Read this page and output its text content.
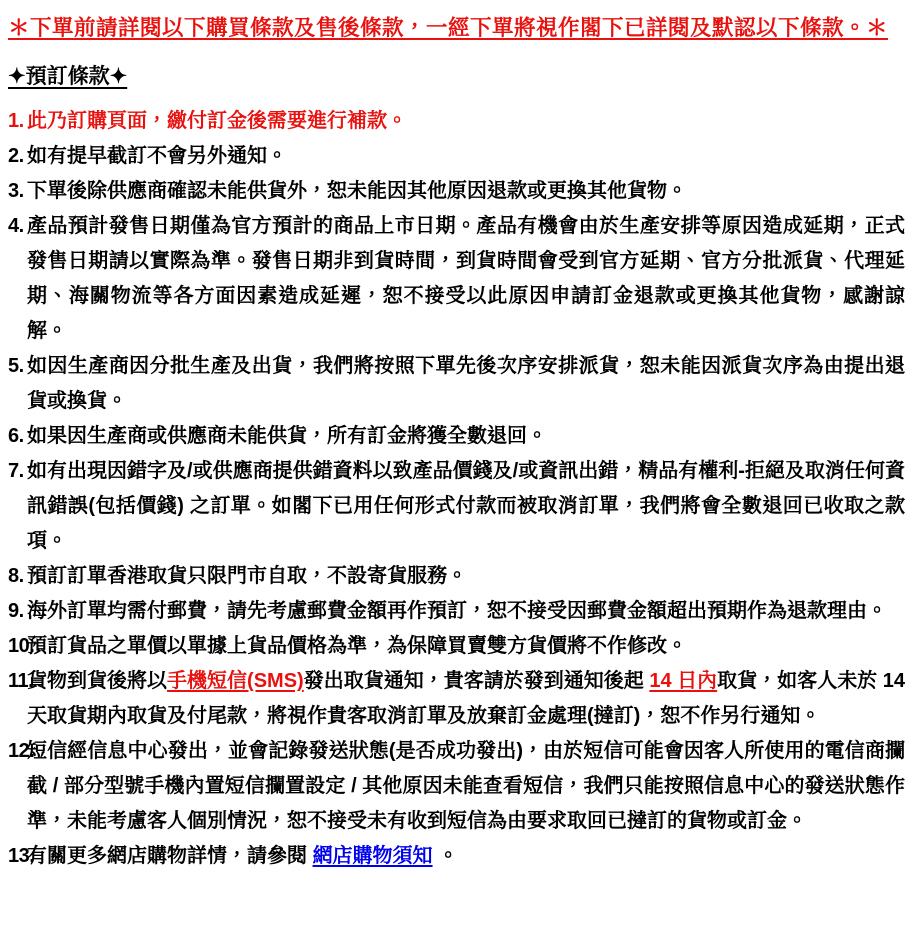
＊下單前請詳閱以下購買條款及售後條款，一經下單將視作閣下已詳閱及默認以下條款。＊

✦預訂條款✦
1. 此乃訂購頁面，繳付訂金後需要進行補款。
2. 如有提早截訂不會另外通知。
3. 下單後除供應商確認未能供貨外，恕未能因其他原因退款或更換其他貨物。
4. 產品預計發售日期僅為官方預計的商品上市日期。產品有機會由於生產安排等原因造成延期，正式發售日期請以實際為準。發售日期非到貨時間，到貨時間會受到官方延期、官方分批派貨、代理延期、海關物流等各方面因素造成延遲，恕不接受以此原因申請訂金退款或更換其他貨物，感謝諒解。
5. 如因生產商因分批生產及出貨，我們將按照下單先後次序安排派貨，恕未能因派貨次序為由提出退貨或換貨。
6. 如果因生產商或供應商未能供貨，所有訂金將獲全數退回。
7. 如有出現因錯字及/或供應商提供錯資料以致產品價錢及/或資訊出錯，精品有權利-拒絕及取消任何資訊錯誤(包括價錢) 之訂單。如閣下已用任何形式付款而被取消訂單，我們將會全數退回已收取之款項。
8. 預訂訂單香港取貨只限門市自取，不設寄貨服務。
9. 海外訂單均需付郵費，請先考慮郵費金額再作預訂，恕不接受因郵費金額超出預期作為退款理由。
10.
預訂貨品之單價以單據上貨品價格為準，為保障買賣雙方貨價將不作修改。
11.
貨物到貨後將以手機短信(SMS)發出取貨通知，貴客請於發到通知後起 14 日內取貨，如客人未於 14 天取貨期內取貨及付尾款，將視作貴客取消訂單及放棄訂金處理(撻訂)，恕不作另行通知。
12.
短信經信息中心發出，並會記錄發送狀態(是否成功發出)，由於短信可能會因客人所使用的電信商攔截 / 部分型號手機內置短信攔置設定 / 其他原因未能查看短信，我們只能按照信息中心的發送狀態作準，未能考慮客人個別情況，恕不接受未有收到短信為由要求取回已撻訂的貨物或訂金。
13.
有關更多網店購物詳情，請參閱 網店購物須知 。
